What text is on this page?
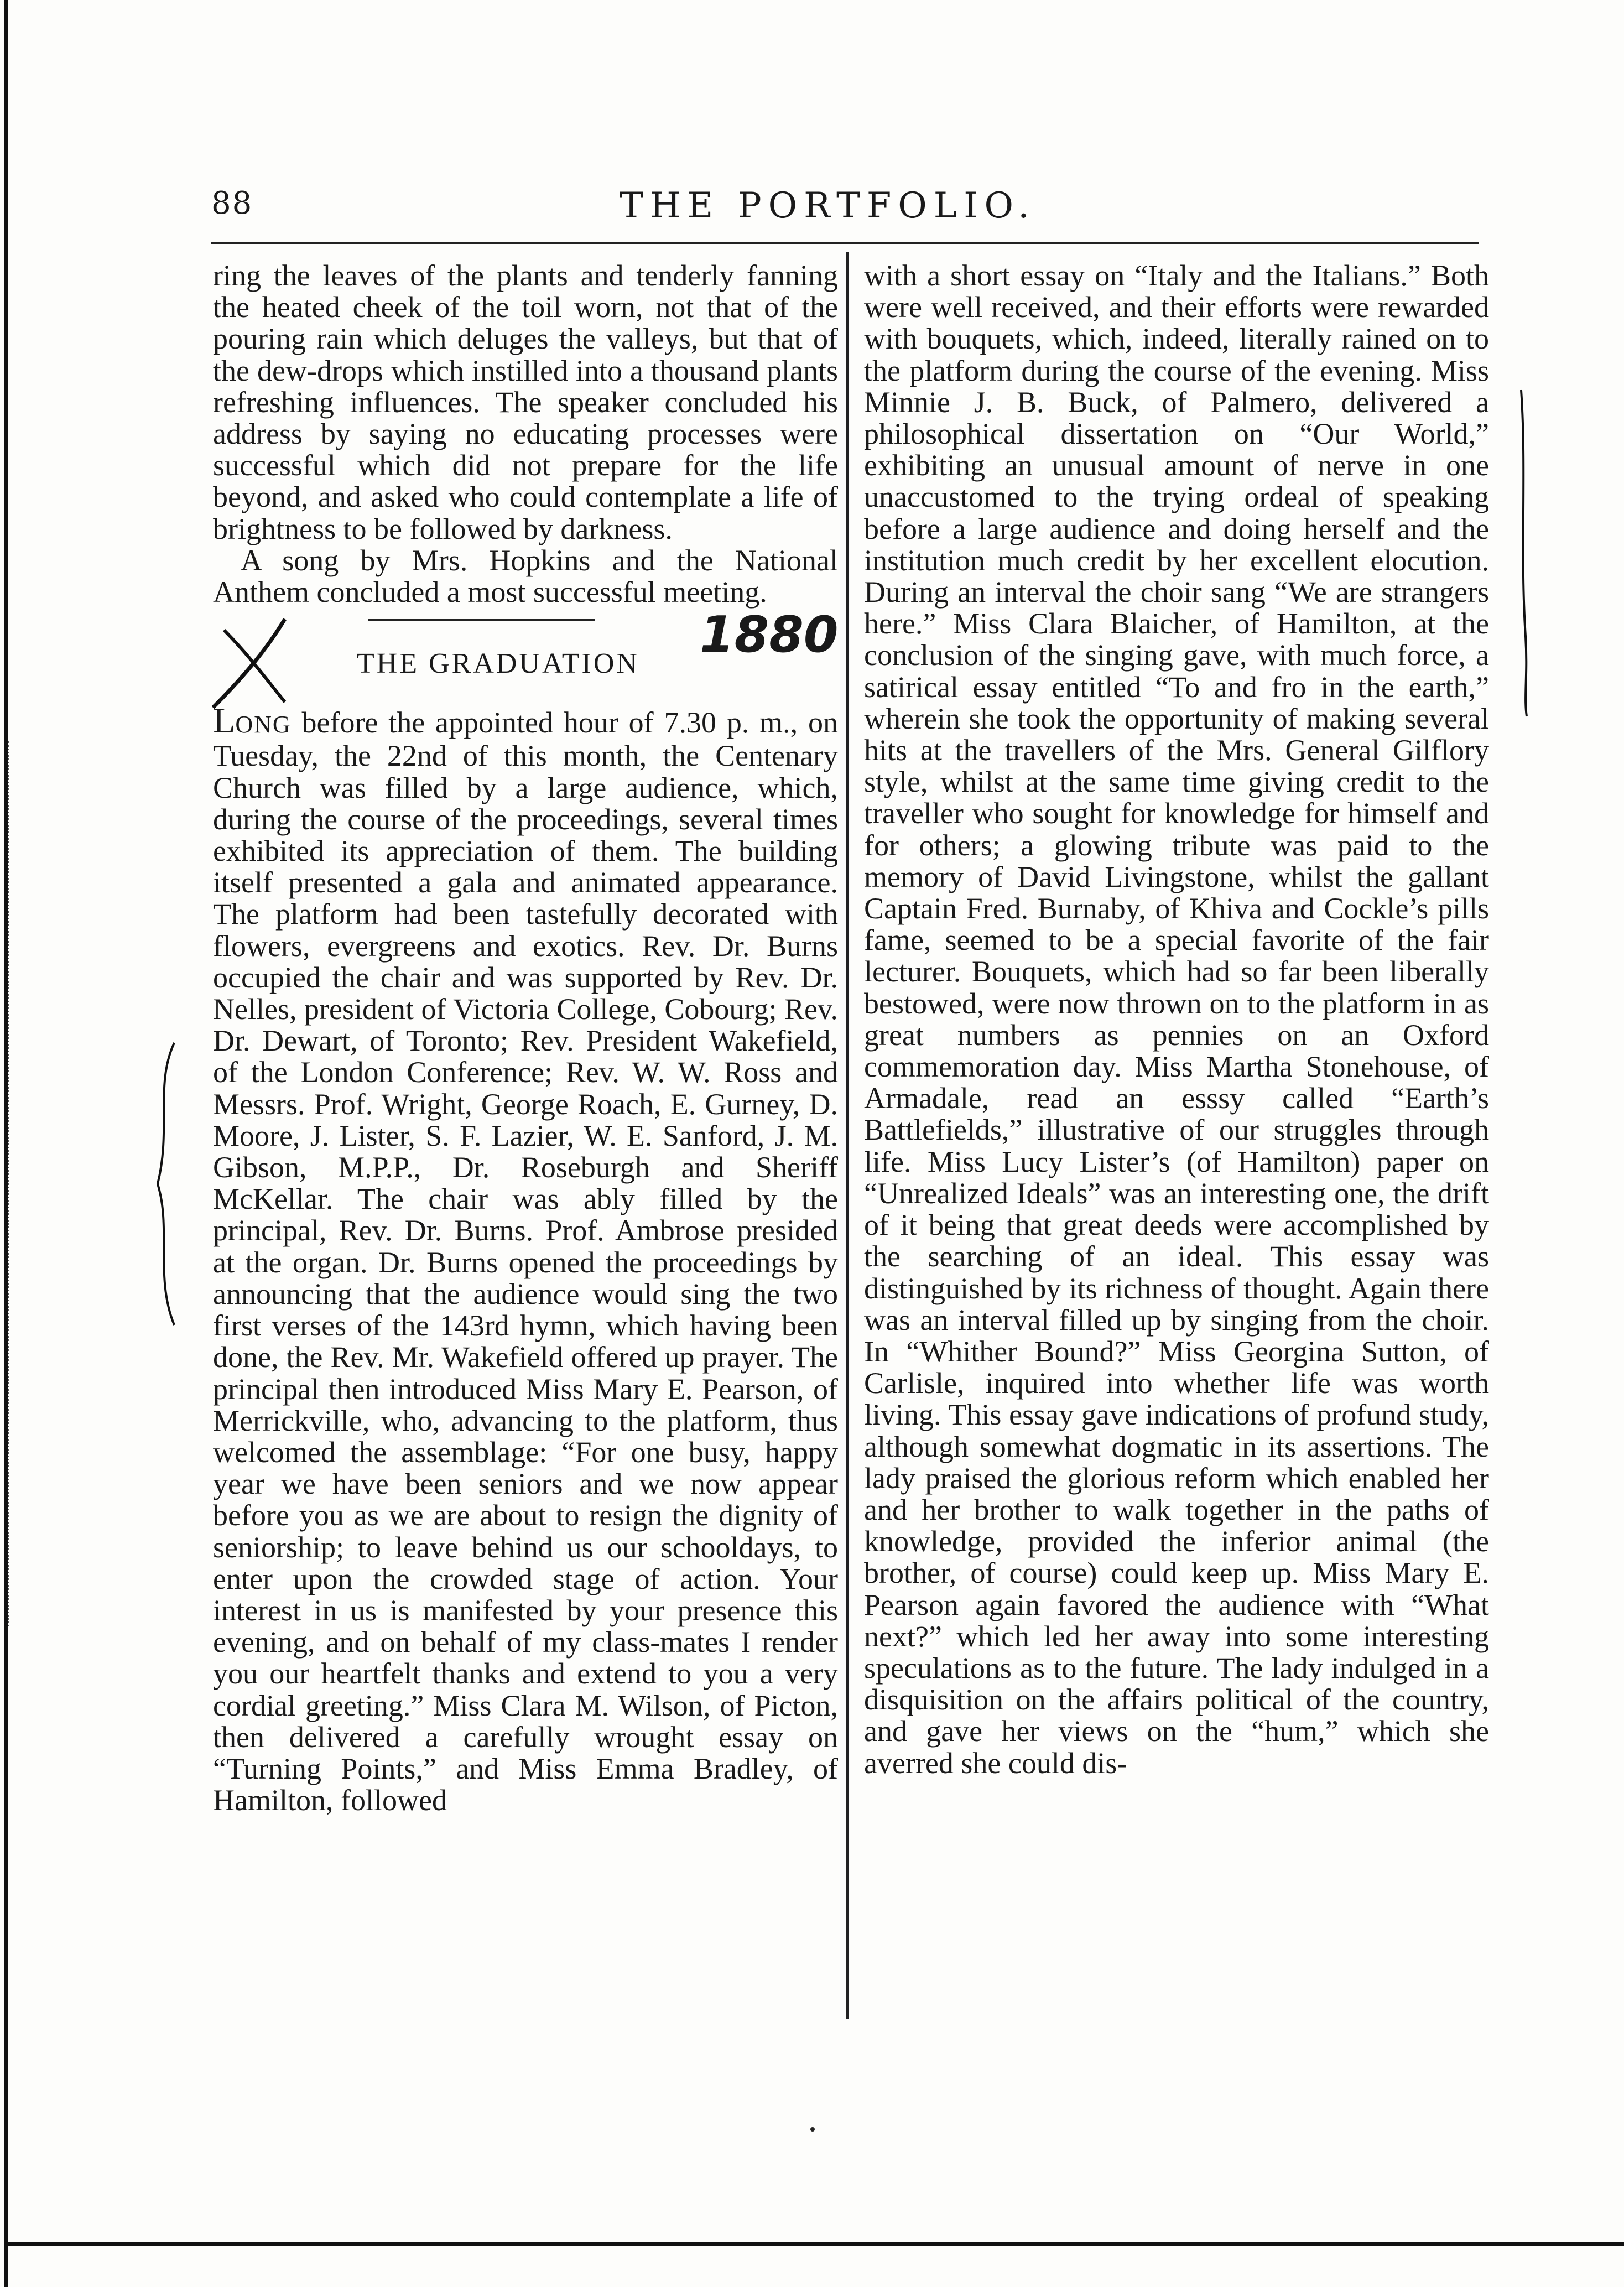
88	THE PORTFOLIO.

ring the leaves of the plants and tenderly fanning the heated cheek of the toil worn, not that of the pouring rain which deluges the valleys, but that of the dew-drops which instilled into a thousand plants refreshing influences. The speaker concluded his address by saying no educating processes were successful which did not prepare for the life beyond, and asked who could contemplate a life of brightness to be followed by darkness.

A song by Mrs. Hopkins and the National Anthem concluded a most successful meeting.

THE GRADUATION 1880

LONG before the appointed hour of 7.30 p. m., on Tuesday, the 22nd of this month, the Centenary Church was filled by a large audience, which, during the course of the proceedings, several times exhibited its appreciation of them. The building itself presented a gala and animated appearance. The platform had been tastefully decorated with flowers, evergreens and exotics. Rev. Dr. Burns occupied the chair and was supported by Rev. Dr. Nelles, president of Victoria College, Cobourg; Rev. Dr. Dewart, of Toronto; Rev. President Wakefield, of the London Conference; Rev. W. W. Ross and Messrs. Prof. Wright, George Roach, E. Gurney, D. Moore, J. Lister, S. F. Lazier, W. E. Sanford, J. M. Gibson, M.P.P., Dr. Roseburgh and Sheriff McKellar. The chair was ably filled by the principal, Rev. Dr. Burns. Prof. Ambrose presided at the organ. Dr. Burns opened the proceedings by announcing that the audience would sing the two first verses of the 143rd hymn, which having been done, the Rev. Mr. Wakefield offered up prayer. The principal then introduced Miss Mary E. Pearson, of Merrickville, who, advancing to the platform, thus welcomed the assemblage: “For one busy, happy year we have been seniors and we now appear before you as we are about to resign the dignity of seniorship; to leave behind us our schooldays, to enter upon the crowded stage of action. Your interest in us is manifested by your presence this evening, and on behalf of my class-mates I render you our heartfelt thanks and extend to you a very cordial greeting.” Miss Clara M. Wilson, of Picton, then delivered a carefully wrought essay on “Turning Points,” and Miss Emma Bradley, of Hamilton, followed

with a short essay on “Italy and the Italians.” Both were well received, and their efforts were rewarded with bouquets, which, indeed, literally rained on to the platform during the course of the evening. Miss Minnie J. B. Buck, of Palmero, delivered a philosophical dissertation on “Our World,” exhibiting an unusual amount of nerve in one unaccustomed to the trying ordeal of speaking before a large audience and doing herself and the institution much credit by her excellent elocution. During an interval the choir sang “We are strangers here.” Miss Clara Blaicher, of Hamilton, at the conclusion of the singing gave, with much force, a satirical essay entitled “To and fro in the earth,” wherein she took the opportunity of making several hits at the travellers of the Mrs. General Gilflory style, whilst at the same time giving credit to the traveller who sought for knowledge for himself and for others; a glowing tribute was paid to the memory of David Livingstone, whilst the gallant Captain Fred. Burnaby, of Khiva and Cockle’s pills fame, seemed to be a special favorite of the fair lecturer. Bouquets, which had so far been liberally bestowed, were now thrown on to the platform in as great numbers as pennies on an Oxford commemoration day. Miss Martha Stonehouse, of Armadale, read an esssy called “Earth’s Battlefields,” illustrative of our struggles through life. Miss Lucy Lister’s (of Hamilton) paper on “Unrealized Ideals” was an interesting one, the drift of it being that great deeds were accomplished by the searching of an ideal. This essay was distinguished by its richness of thought. Again there was an interval filled up by singing from the choir. In “Whither Bound?” Miss Georgina Sutton, of Carlisle, inquired into whether life was worth living. This essay gave indications of profund study, although somewhat dogmatic in its assertions. The lady praised the glorious reform which enabled her and her brother to walk together in the paths of knowledge, provided the inferior animal (the brother, of course) could keep up. Miss Mary E. Pearson again favored the audience with “What next?” which led her away into some interesting speculations as to the future. The lady indulged in a disquisition on the affairs political of the country, and gave her views on the “hum,” which she averred she could dis-
